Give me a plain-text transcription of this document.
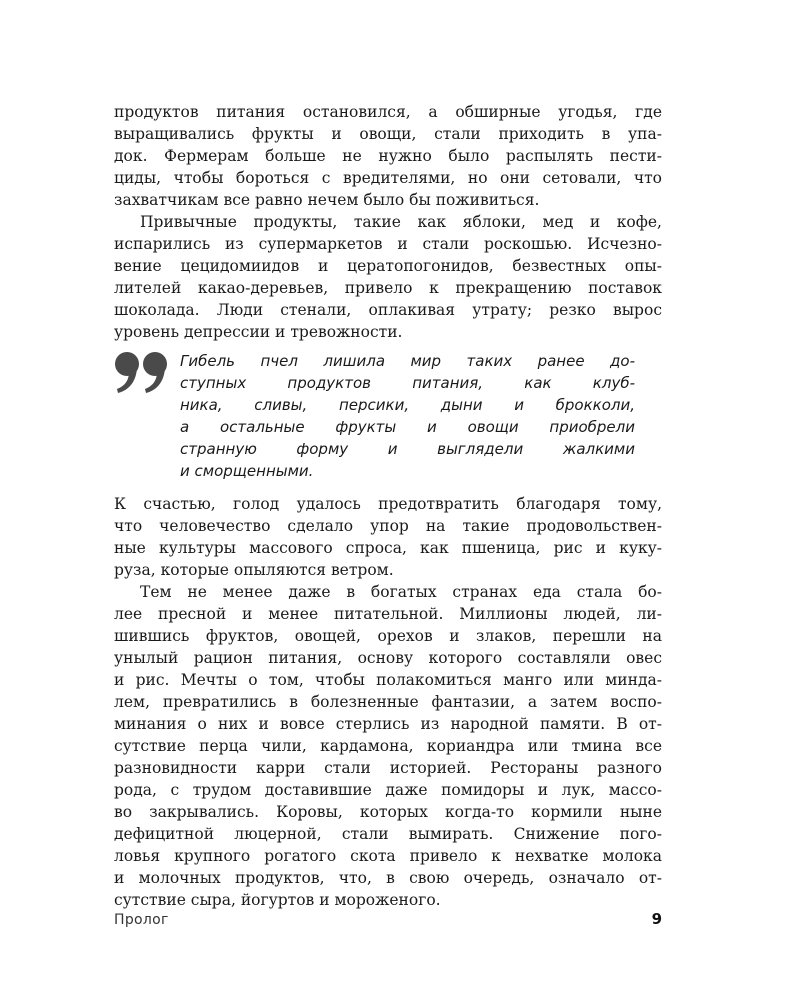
продуктов питания остановился, а обширные угодья, где
выращивались фрукты и овощи, стали приходить в упа-
док. Фермерам больше не нужно было распылять пести-
циды, чтобы бороться с вредителями, но они сетовали, что
захватчикам все равно нечем было бы поживиться.
Привычные продукты, такие как яблоки, мед и кофе,
испарились из супермаркетов и стали роскошью. Исчезно-
вение цецидомиидов и цератопогонидов, безвестных опы-
лителей какао-деревьев, привело к прекращению поставок
шоколада. Люди стенали, оплакивая утрату; резко вырос
уровень депрессии и тревожности.
Гибель пчел лишила мир таких ранее до-
ступных продуктов питания, как клуб-
ника, сливы, персики, дыни и брокколи,
а остальные фрукты и овощи приобрели
странную форму и выглядели жалкими
и сморщенными.
К счастью, голод удалось предотвратить благодаря тому,
что человечество сделало упор на такие продовольствен-
ные культуры массового спроса, как пшеница, рис и куку-
руза, которые опыляются ветром.
Тем не менее даже в богатых странах еда стала бо-
лее пресной и менее питательной. Миллионы людей, ли-
шившись фруктов, овощей, орехов и злаков, перешли на
унылый рацион питания, основу которого составляли овес
и рис. Мечты о том, чтобы полакомиться манго или минда-
лем, превратились в болезненные фантазии, а затем воспо-
минания о них и вовсе стерлись из народной памяти. В от-
сутствие перца чили, кардамона, кориандра или тмина все
разновидности карри стали историей. Рестораны разного
рода, с трудом доставившие даже помидоры и лук, массо-
во закрывались. Коровы, которых когда-то кормили ныне
дефицитной люцерной, стали вымирать. Снижение пого-
ловья крупного рогатого скота привело к нехватке молока
и молочных продуктов, что, в свою очередь, означало от-
сутствие сыра, йогуртов и мороженого.
Пролог	9
